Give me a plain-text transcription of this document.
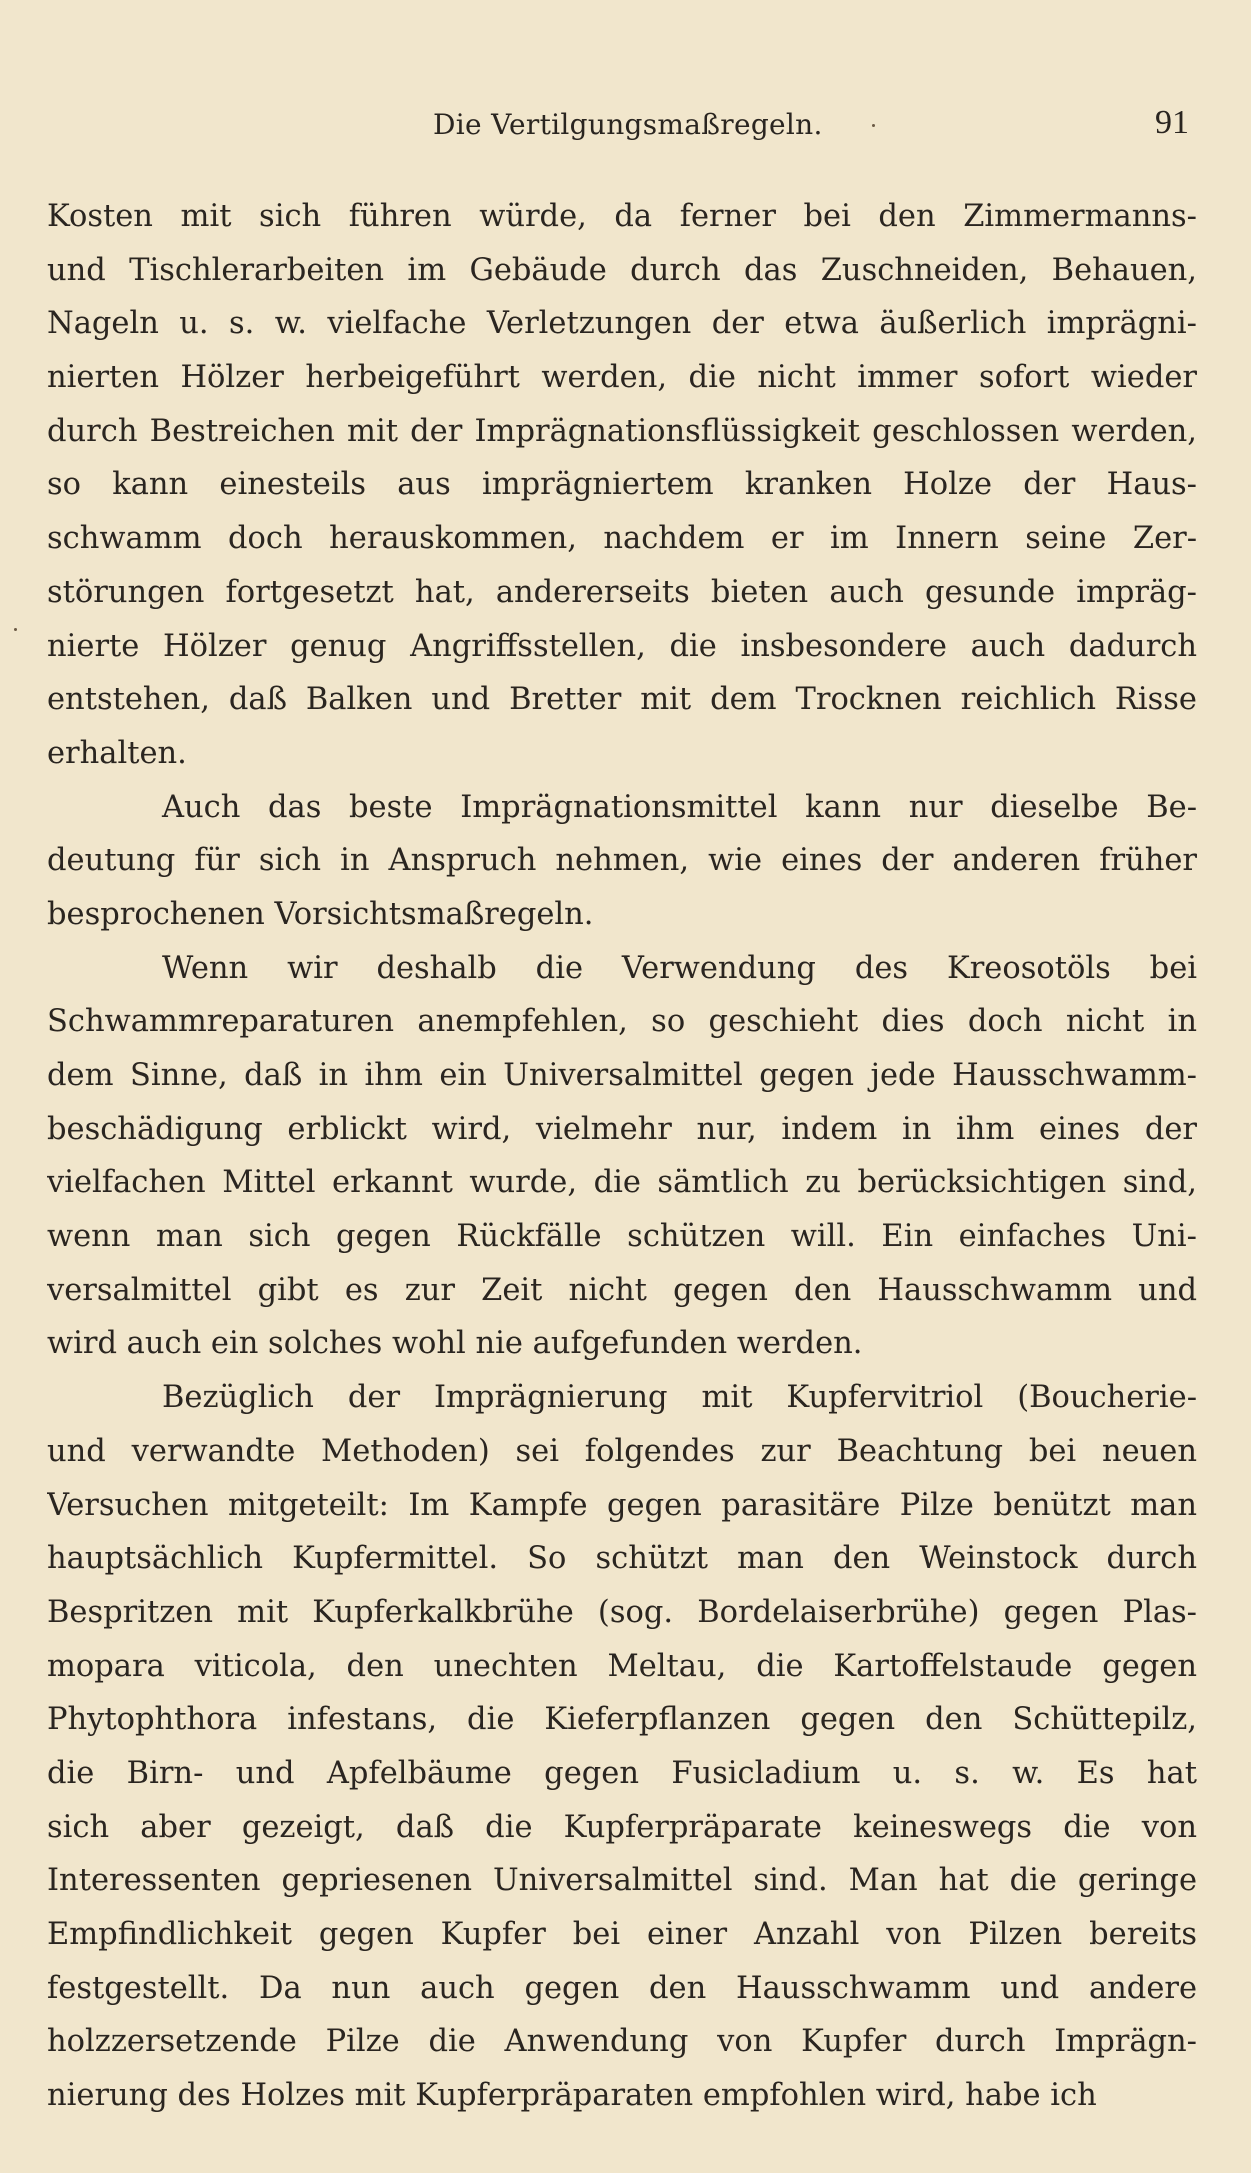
Die Vertilgungsmaßregeln.	91
Kosten mit sich führen würde, da ferner bei den Zimmermanns-
und Tischlerarbeiten im Gebäude durch das Zuschneiden, Behauen,
Nageln u. s. w. vielfache Verletzungen der etwa äußerlich imprägni-
nierten Hölzer herbeigeführt werden, die nicht immer sofort wieder
durch Bestreichen mit der Imprägnationsflüssigkeit geschlossen werden,
so kann einesteils aus imprägniertem kranken Holze der Haus-
schwamm doch herauskommen, nachdem er im Innern seine Zer-
störungen fortgesetzt hat, andererseits bieten auch gesunde impräg-
nierte Hölzer genug Angriffsstellen, die insbesondere auch dadurch
entstehen, daß Balken und Bretter mit dem Trocknen reichlich Risse
erhalten.
Auch das beste Imprägnationsmittel kann nur dieselbe Be-
deutung für sich in Anspruch nehmen, wie eines der anderen früher
besprochenen Vorsichtsmaßregeln.
Wenn wir deshalb die Verwendung des Kreosotöls bei
Schwammreparaturen anempfehlen, so geschieht dies doch nicht in
dem Sinne, daß in ihm ein Universalmittel gegen jede Hausschwamm-
beschädigung erblickt wird, vielmehr nur, indem in ihm eines der
vielfachen Mittel erkannt wurde, die sämtlich zu berücksichtigen sind,
wenn man sich gegen Rückfälle schützen will. Ein einfaches Uni-
versalmittel gibt es zur Zeit nicht gegen den Hausschwamm und
wird auch ein solches wohl nie aufgefunden werden.
Bezüglich der Imprägnierung mit Kupfervitriol (Boucherie-
und verwandte Methoden) sei folgendes zur Beachtung bei neuen
Versuchen mitgeteilt: Im Kampfe gegen parasitäre Pilze benützt man
hauptsächlich Kupfermittel. So schützt man den Weinstock durch
Bespritzen mit Kupferkalkbrühe (sog. Bordelaiserbrühe) gegen Plas-
mopara viticola, den unechten Meltau, die Kartoffelstaude gegen
Phytophthora infestans, die Kieferpflanzen gegen den Schüttepilz,
die Birn- und Apfelbäume gegen Fusicladium u. s. w. Es hat
sich aber gezeigt, daß die Kupferpräparate keineswegs die von
Interessenten gepriesenen Universalmittel sind. Man hat die geringe
Empfindlichkeit gegen Kupfer bei einer Anzahl von Pilzen bereits
festgestellt. Da nun auch gegen den Hausschwamm und andere
holzzersetzende Pilze die Anwendung von Kupfer durch Imprägn-
nierung des Holzes mit Kupferpräparaten empfohlen wird, habe ich
